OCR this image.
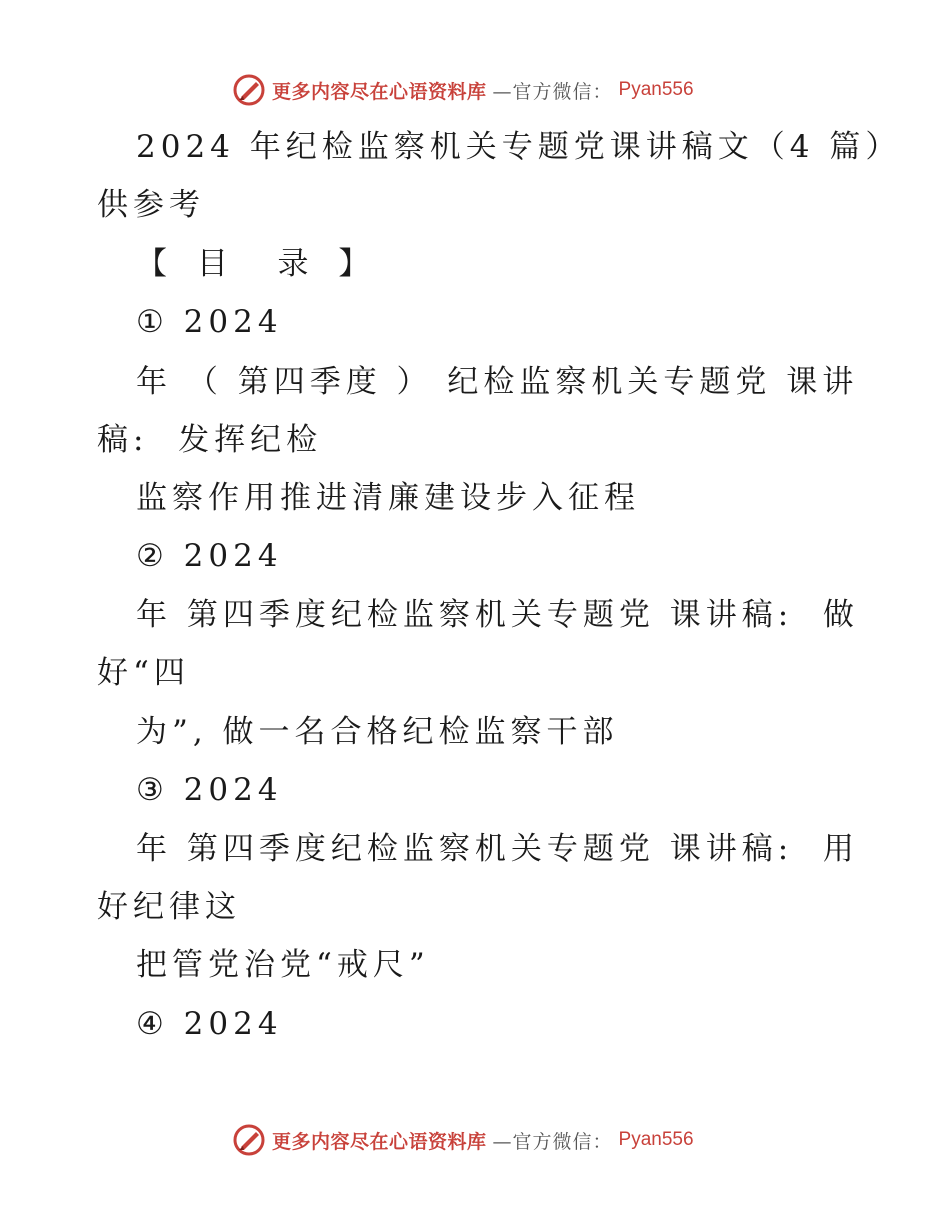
更多内容尽在心语资料库 —官方微信： Pyan556
2024 年纪检监察机关专题党课讲稿文（4 篇）
供参考
【 目  录 】
① 2024
年 （ 第四季度 ） 纪检监察机关专题党 课讲
稿:  发挥纪检
监察作用推进清廉建设步入征程
② 2024
年 第四季度纪检监察机关专题党 课讲稿:  做
好“四
为”, 做一名合格纪检监察干部
③ 2024
年 第四季度纪检监察机关专题党 课讲稿:  用
好纪律这
把管党治党“戒尺”
④ 2024
更多内容尽在心语资料库 —官方微信： Pyan556
